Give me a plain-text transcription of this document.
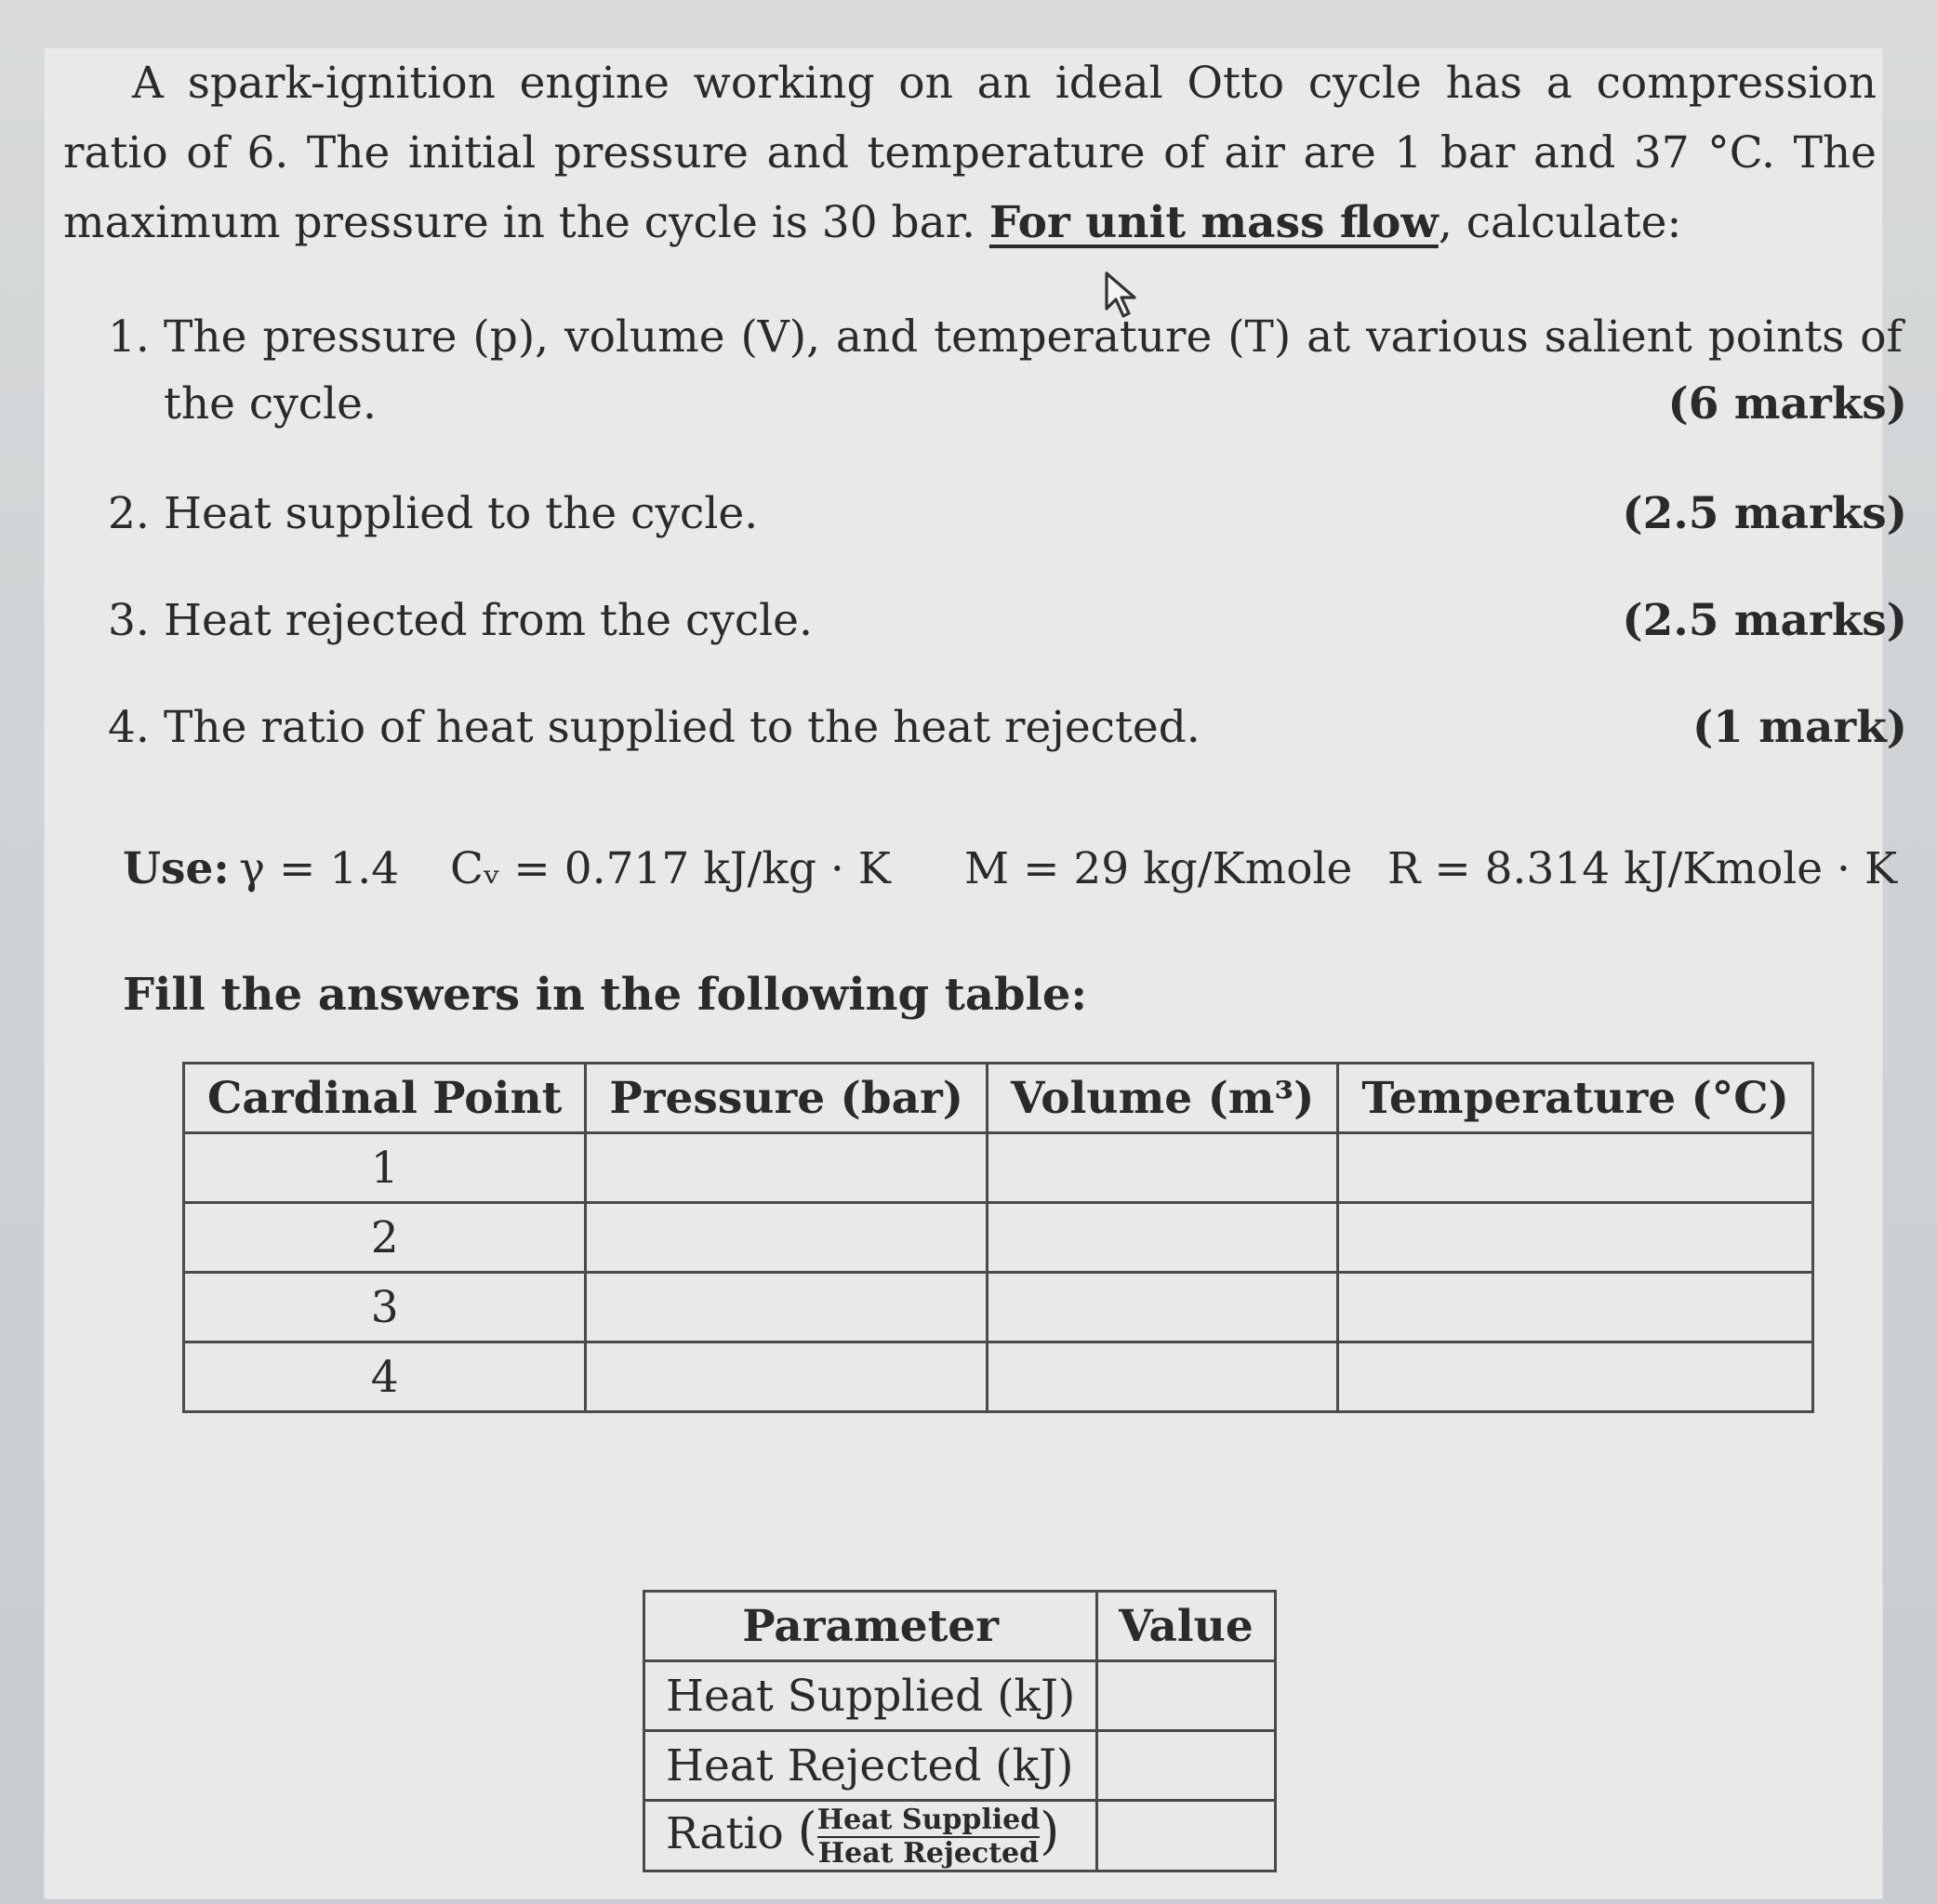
A spark-ignition engine working on an ideal Otto cycle has a compression ratio of 6. The initial pressure and temperature of air are 1 bar and 37 °C. The maximum pressure in the cycle is 30 bar. For unit mass flow, calculate:
1. The pressure (p), volume (V), and temperature (T) at various salient points of the cycle.	(6 marks)
2. Heat supplied to the cycle.	(2.5 marks)
3. Heat rejected from the cycle.	(2.5 marks)
4. The ratio of heat supplied to the heat rejected.	(1 mark)
Use: γ = 1.4 Cᵥ = 0.717 kJ/kg · K M = 29 kg/Kmole R = 8.314 kJ/Kmole · K
Fill the answers in the following table:
Cardinal Point	Pressure (bar)	Volume (m³)	Temperature (°C)
1			
2			
3			
4			
Parameter	Value
Heat Supplied (kJ)	
Heat Rejected (kJ)	
Ratio ( $\frac{\text{Heat Supplied}}{\text{Heat Rejected}}$ )	
